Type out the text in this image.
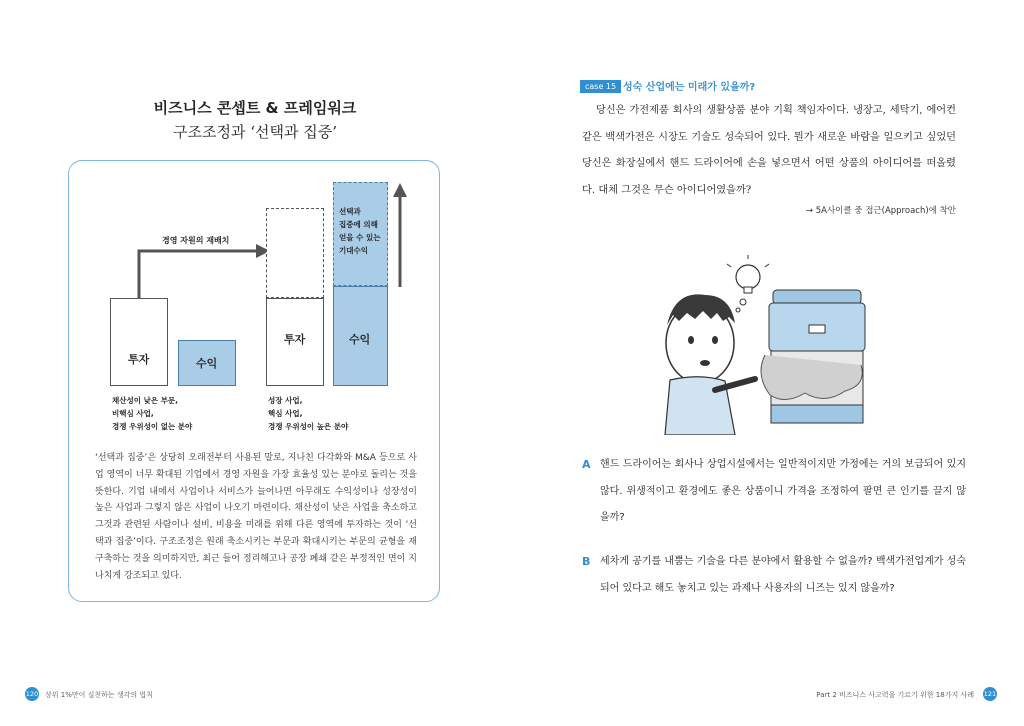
비즈니스 콘셉트 & 프레임워크
구조조정과 ‘선택과 집중’
경영 자원의 재배치
투자	수익
채산성이 낮은 부문,
비핵심 사업,
경쟁 우위성이 없는 분야
투자
선택과
집중에 의해
얻을 수 있는
기대수익
수익
성장 사업,
핵심 사업,
경쟁 우위성이 높은 분야
‘선택과 집중’은 상당히 오래전부터 사용된 말로, 지나친 다각화와 M&A 등으로 사업 영역이 너무 확대된 기업에서 경영 자원을 가장 효율성 있는 분야로 돌리는 것을 뜻한다. 기업 내에서 사업이나 서비스가 늘어나면 아무래도 수익성이나 성장성이 높은 사업과 그렇지 않은 사업이 나오기 마련이다. 채산성이 낮은 사업을 축소하고 그것과 관련된 사람이나 설비, 비용을 미래를 위해 다른 영역에 투자하는 것이 ‘선택과 집중’이다. 구조조정은 원래 축소시키는 부문과 확대시키는 부문의 균형을 재구축하는 것을 의미하지만, 최근 들어 정리해고나 공장 폐쇄 같은 부정적인 면이 지나치게 강조되고 있다.
120 상위 1%만이 실천하는 생각의 법칙
case 15 성숙 산업에는 미래가 있을까?
당신은 가전제품 회사의 생활상품 분야 기획 책임자이다. 냉장고, 세탁기, 에어컨 같은 백색가전은 시장도 기술도 성숙되어 있다. 뭔가 새로운 바람을 일으키고 싶었던 당신은 화장실에서 핸드 드라이어에 손을 넣으면서 어떤 상품의 아이디어를 떠올렸다. 대체 그것은 무슨 아이디어였을까?
→ 5A사이클 중 접근(Approach)에 착안
A 핸드 드라이어는 회사나 상업시설에서는 일반적이지만 가정에는 거의 보급되어 있지 않다. 위생적이고 환경에도 좋은 상품이니 가격을 조정하여 팔면 큰 인기를 끌지 않을까?
B 세차게 공기를 내뿜는 기술을 다른 분야에서 활용할 수 없을까? 백색가전업계가 성숙되어 있다고 해도 놓치고 있는 과제나 사용자의 니즈는 있지 않을까?
Part 2 비즈니스 사고력을 기르기 위한 18가지 사례 121
